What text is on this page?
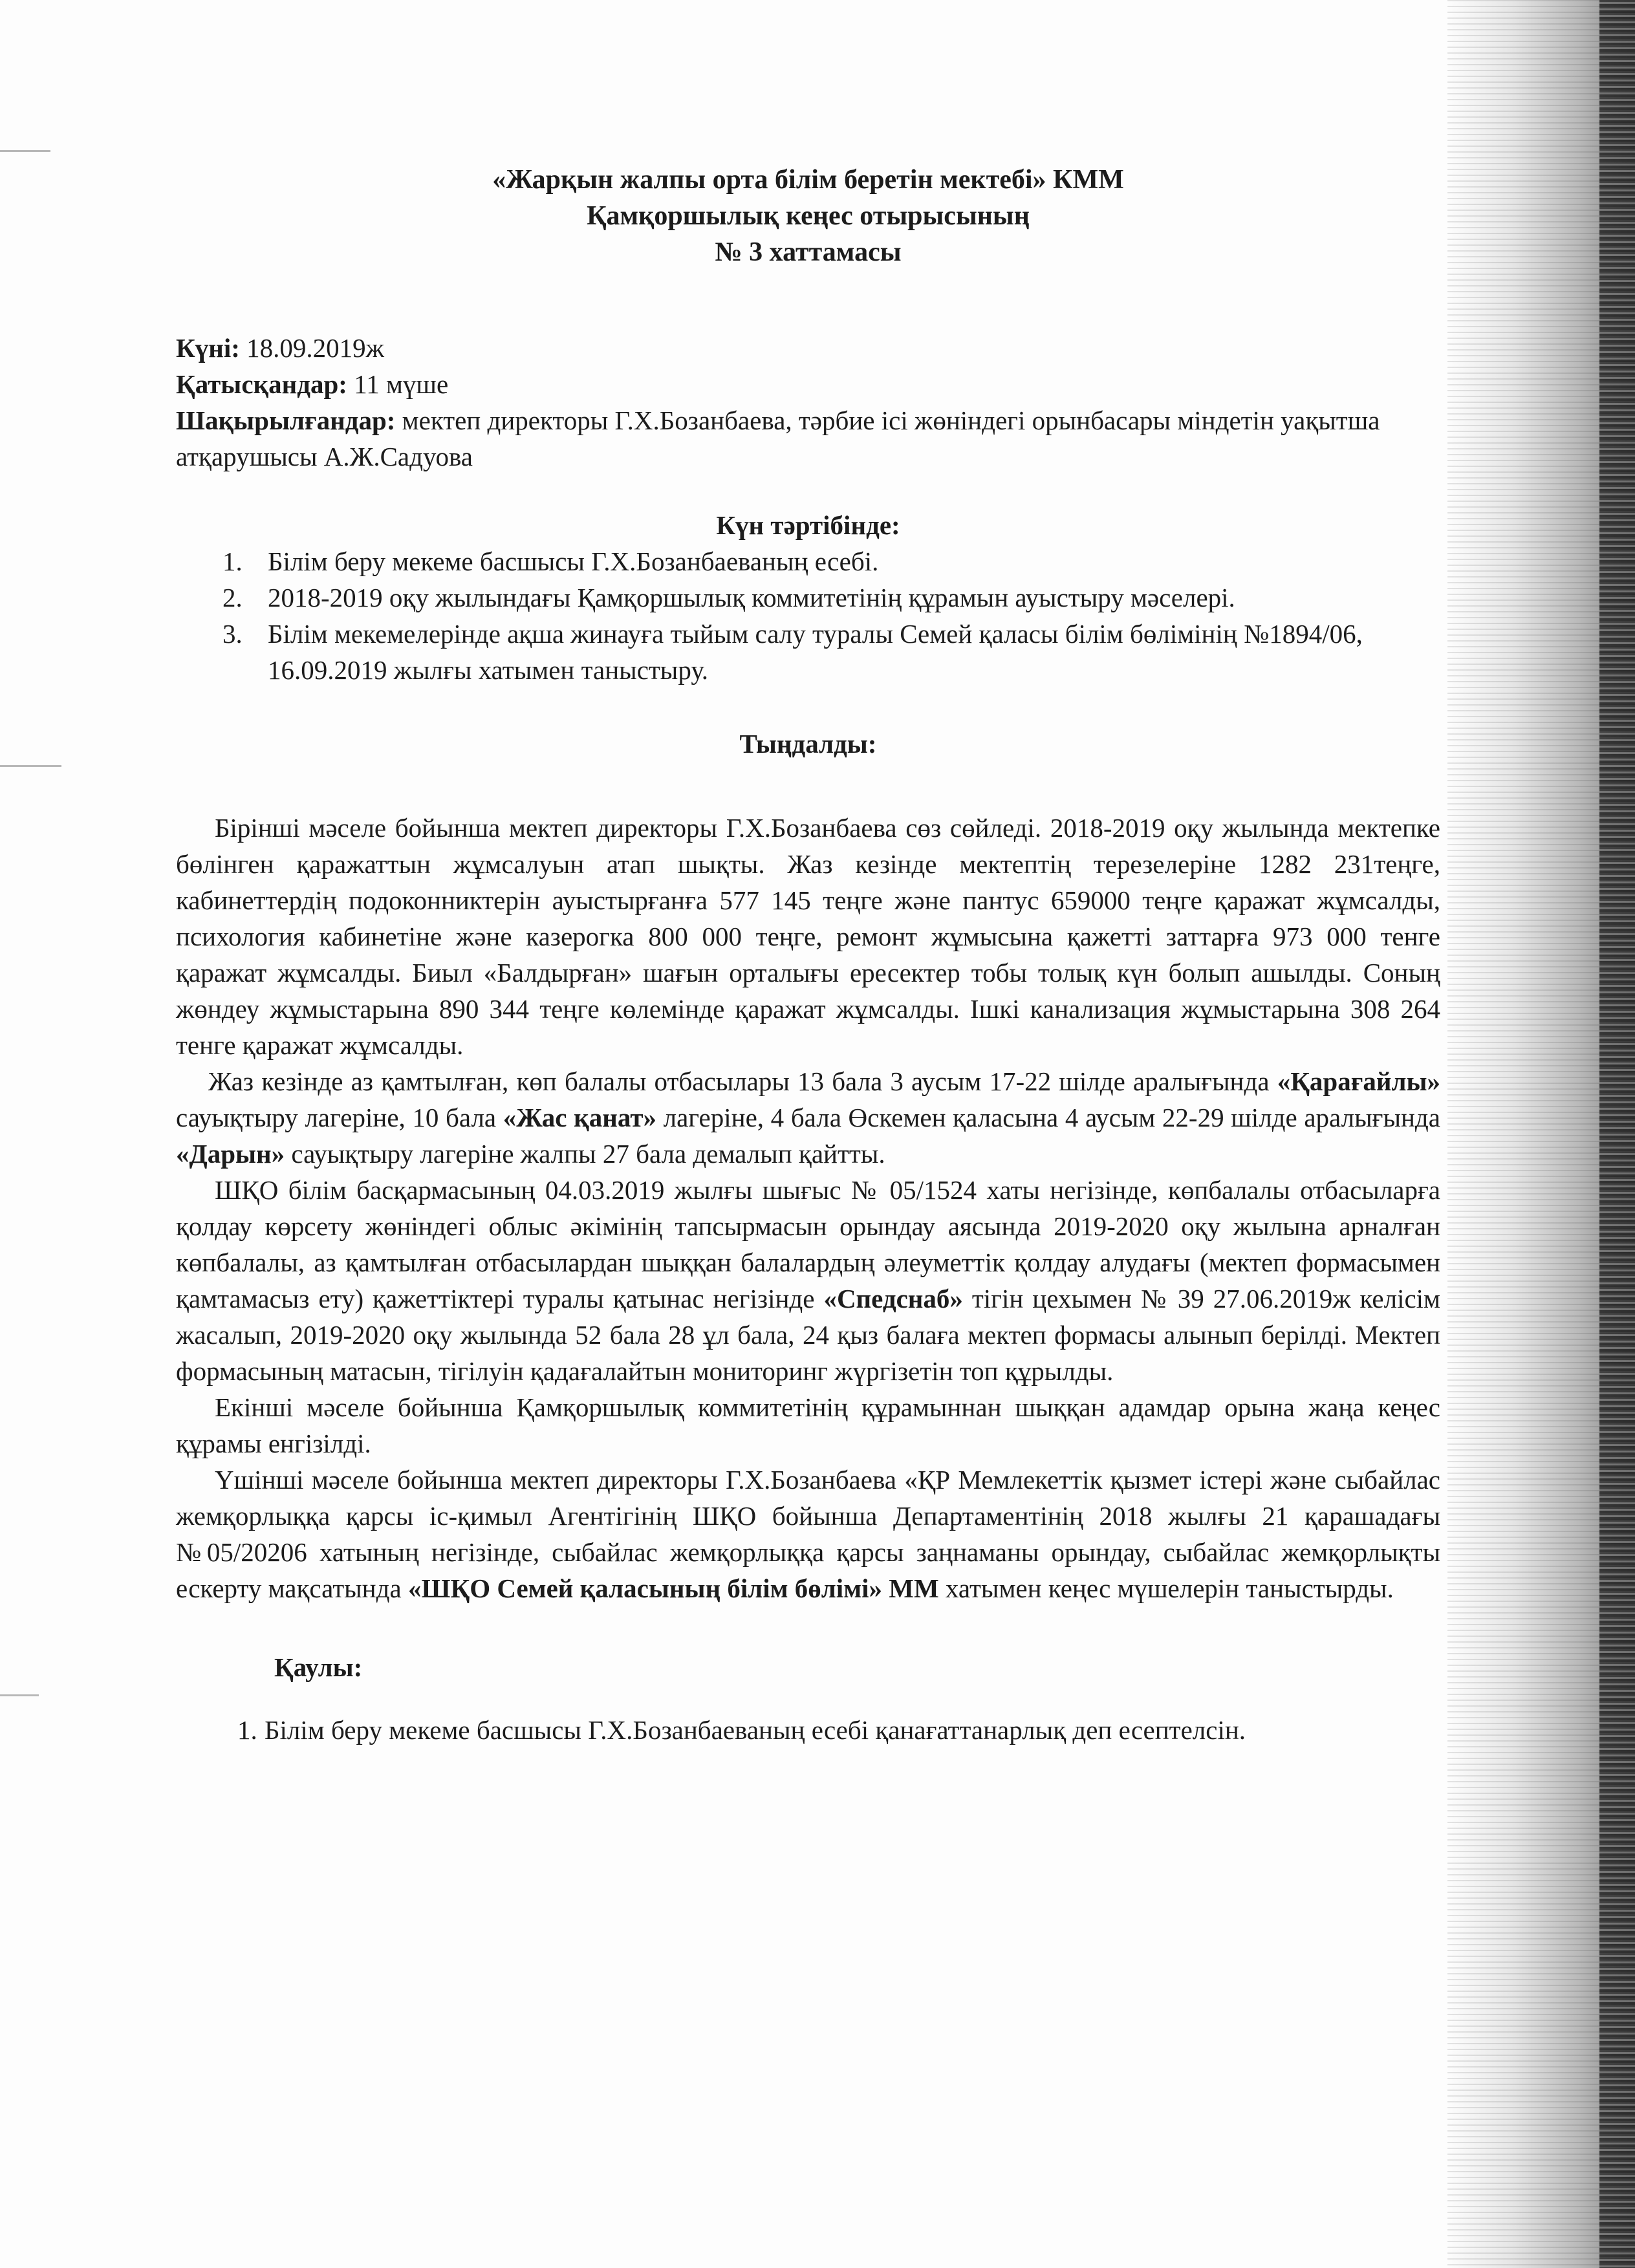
«Жарқын жалпы орта білім беретін мектебі» КММ
Қамқоршылық кеңес отырысының
№ 3 хаттамасы

Күні: 18.09.2019ж

Қатысқандар: 11 мүше

Шақырылғандар: мектеп директоры Г.Х.Бозанбаева, тәрбие ісі жөніндегі орынбасары міндетін уақытша атқарушысы А.Ж.Садуова

Күн тәртібінде:

1. Білім беру мекеме басшысы Г.Х.Бозанбаеваның есебі.
2. 2018-2019 оқу жылындағы Қамқоршылық коммитетінің құрамын ауыстыру мәселері.
3. Білім мекемелерінде ақша жинауға тыйым салу туралы Семей қаласы білім бөлімінің №1894/06, 16.09.2019 жылғы хатымен таныстыру.

Тыңдалды:

Бірінші мәселе бойынша мектеп директоры Г.Х.Бозанбаева сөз сөйледі. 2018-2019 оқу жылында мектепке бөлінген қаражаттын жұмсалуын атап шықты. Жаз кезінде мектептің терезелеріне 1282 231теңге, кабинеттердің подоконниктерін ауыстырғанға 577 145 теңге және пантус 659000 теңге қаражат жұмсалды, психология кабинетіне және казерогка 800 000 теңге, ремонт жұмысына қажетті заттарға 973 000 тенге қаражат жұмсалды. Биыл «Балдырған» шағын орталығы ересектер тобы толық күн болып ашылды. Соның жөндеу жұмыстарына 890 344 теңге көлемінде қаражат жұмсалды. Ішкі канализация жұмыстарына 308 264 тенге қаражат жұмсалды.

Жаз кезінде аз қамтылған, көп балалы отбасылары 13 бала 3 аусым 17-22 шілде аралығында «Қарағайлы» сауықтыру лагеріне, 10 бала «Жас қанат» лагеріне, 4 бала Өскемен қаласына 4 аусым 22-29 шілде аралығында «Дарын» сауықтыру лагеріне жалпы 27 бала демалып қайтты.

ШҚО білім басқармасының 04.03.2019 жылғы шығыс № 05/1524 хаты негізінде, көпбалалы отбасыларға қолдау көрсету жөніндегі облыс әкімінің тапсырмасын орындау аясында 2019-2020 оқу жылына арналған көпбалалы, аз қамтылған отбасылардан шыққан балалардың әлеуметтік қолдау алудағы (мектеп формасымен қамтамасыз ету) қажеттіктері туралы қатынас негізінде «Спедснаб» тігін цехымен № 39 27.06.2019ж келісім жасалып, 2019-2020 оқу жылында 52 бала 28 ұл бала, 24 қыз балаға мектеп формасы алынып берілді. Мектеп формасының матасын, тігілуін қадағалайтын мониторинг жүргізетін топ құрылды.

Екінші мәселе бойынша Қамқоршылық коммитетінің құрамыннан шыққан адамдар орына жаңа кеңес құрамы енгізілді.

Үшінші мәселе бойынша мектеп директоры Г.Х.Бозанбаева «ҚР Мемлекеттік қызмет істері және сыбайлас жемқорлыққа қарсы іс-қимыл Агентігінің ШҚО бойынша Департаментінің 2018 жылғы 21 қарашадағы №05/20206 хатының негізінде, сыбайлас жемқорлыққа қарсы заңнаманы орындау, сыбайлас жемқорлықты ескерту мақсатында «ШҚО Семей қаласының білім бөлімі» ММ хатымен кеңес мүшелерін таныстырды.

Қаулы:

1. Білім беру мекеме басшысы Г.Х.Бозанбаеваның есебі қанағаттанарлық деп есептелсін.
